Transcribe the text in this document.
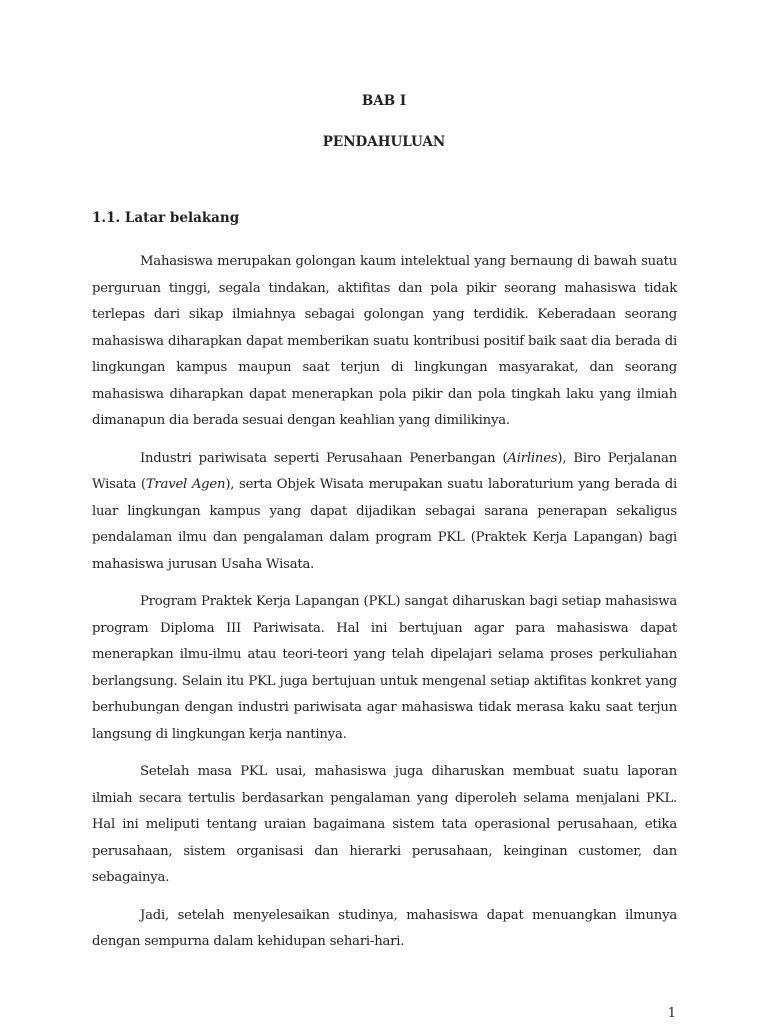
BAB I
PENDAHULUAN
1.1. Latar belakang

Mahasiswa merupakan golongan kaum intelektual yang bernaung di bawah suatu perguruan tinggi, segala tindakan, aktifitas dan pola pikir seorang mahasiswa tidak terlepas dari sikap ilmiahnya sebagai golongan yang terdidik. Keberadaan seorang mahasiswa diharapkan dapat memberikan suatu kontribusi positif baik saat dia berada di lingkungan kampus maupun saat terjun di lingkungan masyarakat, dan seorang mahasiswa diharapkan dapat menerapkan pola pikir dan pola tingkah laku yang ilmiah dimanapun dia berada sesuai dengan keahlian yang dimilikinya.

Industri pariwisata seperti Perusahaan Penerbangan (Airlines), Biro Perjalanan Wisata (Travel Agen), serta Objek Wisata merupakan suatu laboraturium yang berada di luar lingkungan kampus yang dapat dijadikan sebagai sarana penerapan sekaligus pendalaman ilmu dan pengalaman dalam program PKL (Praktek Kerja Lapangan) bagi mahasiswa jurusan Usaha Wisata.

Program Praktek Kerja Lapangan (PKL) sangat diharuskan bagi setiap mahasiswa program Diploma III Pariwisata. Hal ini bertujuan agar para mahasiswa dapat menerapkan ilmu-ilmu atau teori-teori yang telah dipelajari selama proses perkuliahan berlangsung. Selain itu PKL juga bertujuan untuk mengenal setiap aktifitas konkret yang berhubungan dengan industri pariwisata agar mahasiswa tidak merasa kaku saat terjun langsung di lingkungan kerja nantinya.

Setelah masa PKL usai, mahasiswa juga diharuskan membuat suatu laporan ilmiah secara tertulis berdasarkan pengalaman yang diperoleh selama menjalani PKL. Hal ini meliputi tentang uraian bagaimana sistem tata operasional perusahaan, etika perusahaan, sistem organisasi dan hierarki perusahaan, keinginan customer, dan sebagainya.

Jadi, setelah menyelesaikan studinya, mahasiswa dapat menuangkan ilmunya dengan sempurna dalam kehidupan sehari-hari.

1
